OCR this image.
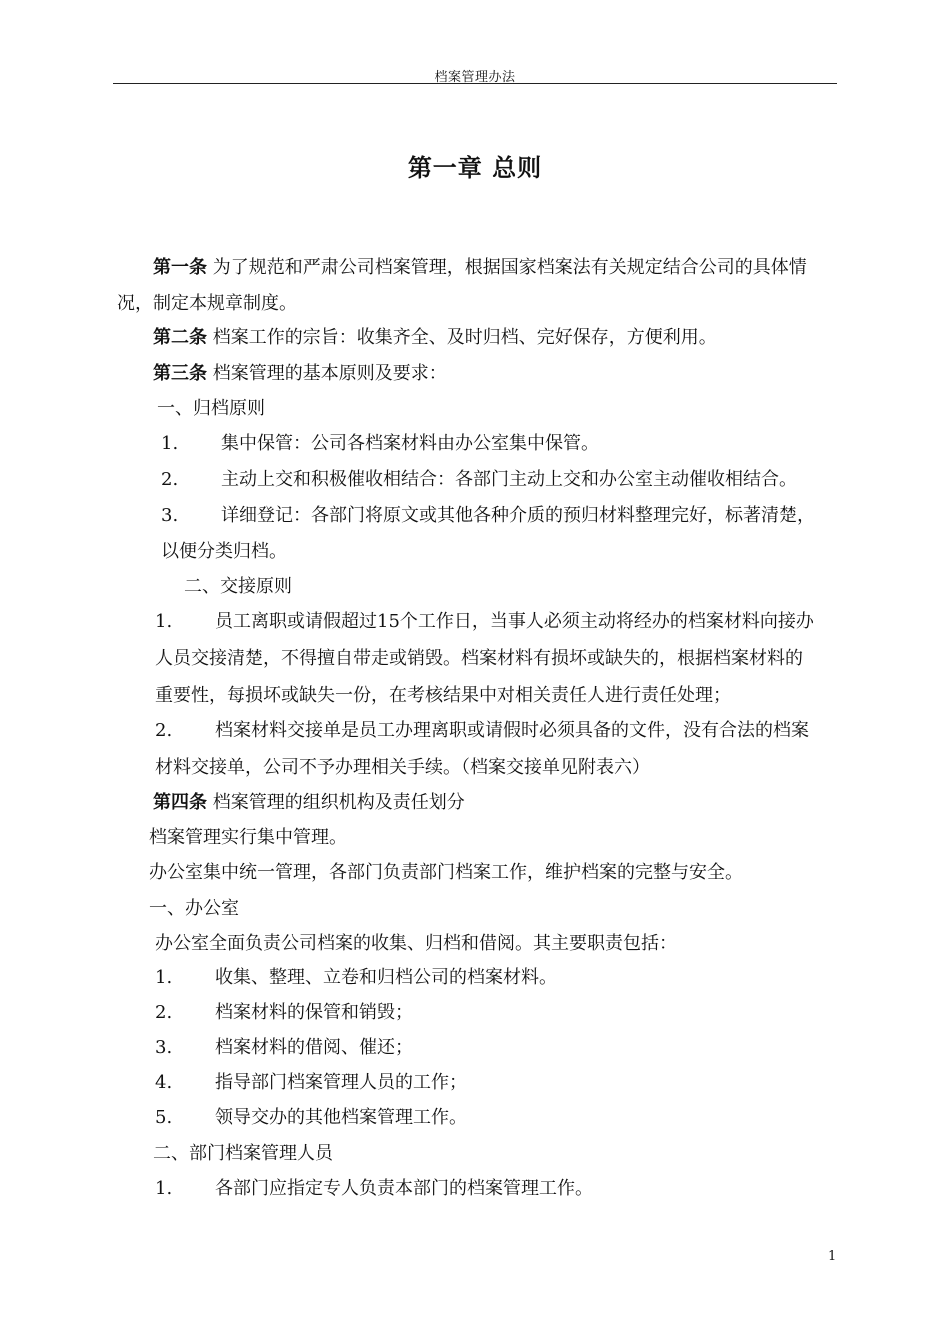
档案管理办法
第一章 总则
第一条 为了规范和严肃公司档案管理，根据国家档案法有关规定结合公司的具体情
况，制定本规章制度。
第二条 档案工作的宗旨：收集齐全、及时归档、完好保存，方便利用。
第三条 档案管理的基本原则及要求：
一、归档原则
1. 集中保管：公司各档案材料由办公室集中保管。
2. 主动上交和积极催收相结合：各部门主动上交和办公室主动催收相结合。
3. 详细登记：各部门将原文或其他各种介质的预归材料整理完好，标著清楚，
以便分类归档。
二、交接原则
1. 员工离职或请假超过15个工作日，当事人必须主动将经办的档案材料向接办
人员交接清楚，不得擅自带走或销毁。档案材料有损坏或缺失的，根据档案材料的
重要性，每损坏或缺失一份，在考核结果中对相关责任人进行责任处理；
2. 档案材料交接单是员工办理离职或请假时必须具备的文件，没有合法的档案
材料交接单，公司不予办理相关手续。（档案交接单见附表六）
第四条 档案管理的组织机构及责任划分
档案管理实行集中管理。
办公室集中统一管理，各部门负责部门档案工作，维护档案的完整与安全。
一、办公室
办公室全面负责公司档案的收集、归档和借阅。其主要职责包括：
1. 收集、整理、立卷和归档公司的档案材料。
2. 档案材料的保管和销毁；
3. 档案材料的借阅、催还；
4. 指导部门档案管理人员的工作；
5. 领导交办的其他档案管理工作。
二、部门档案管理人员
1. 各部门应指定专人负责本部门的档案管理工作。
1
